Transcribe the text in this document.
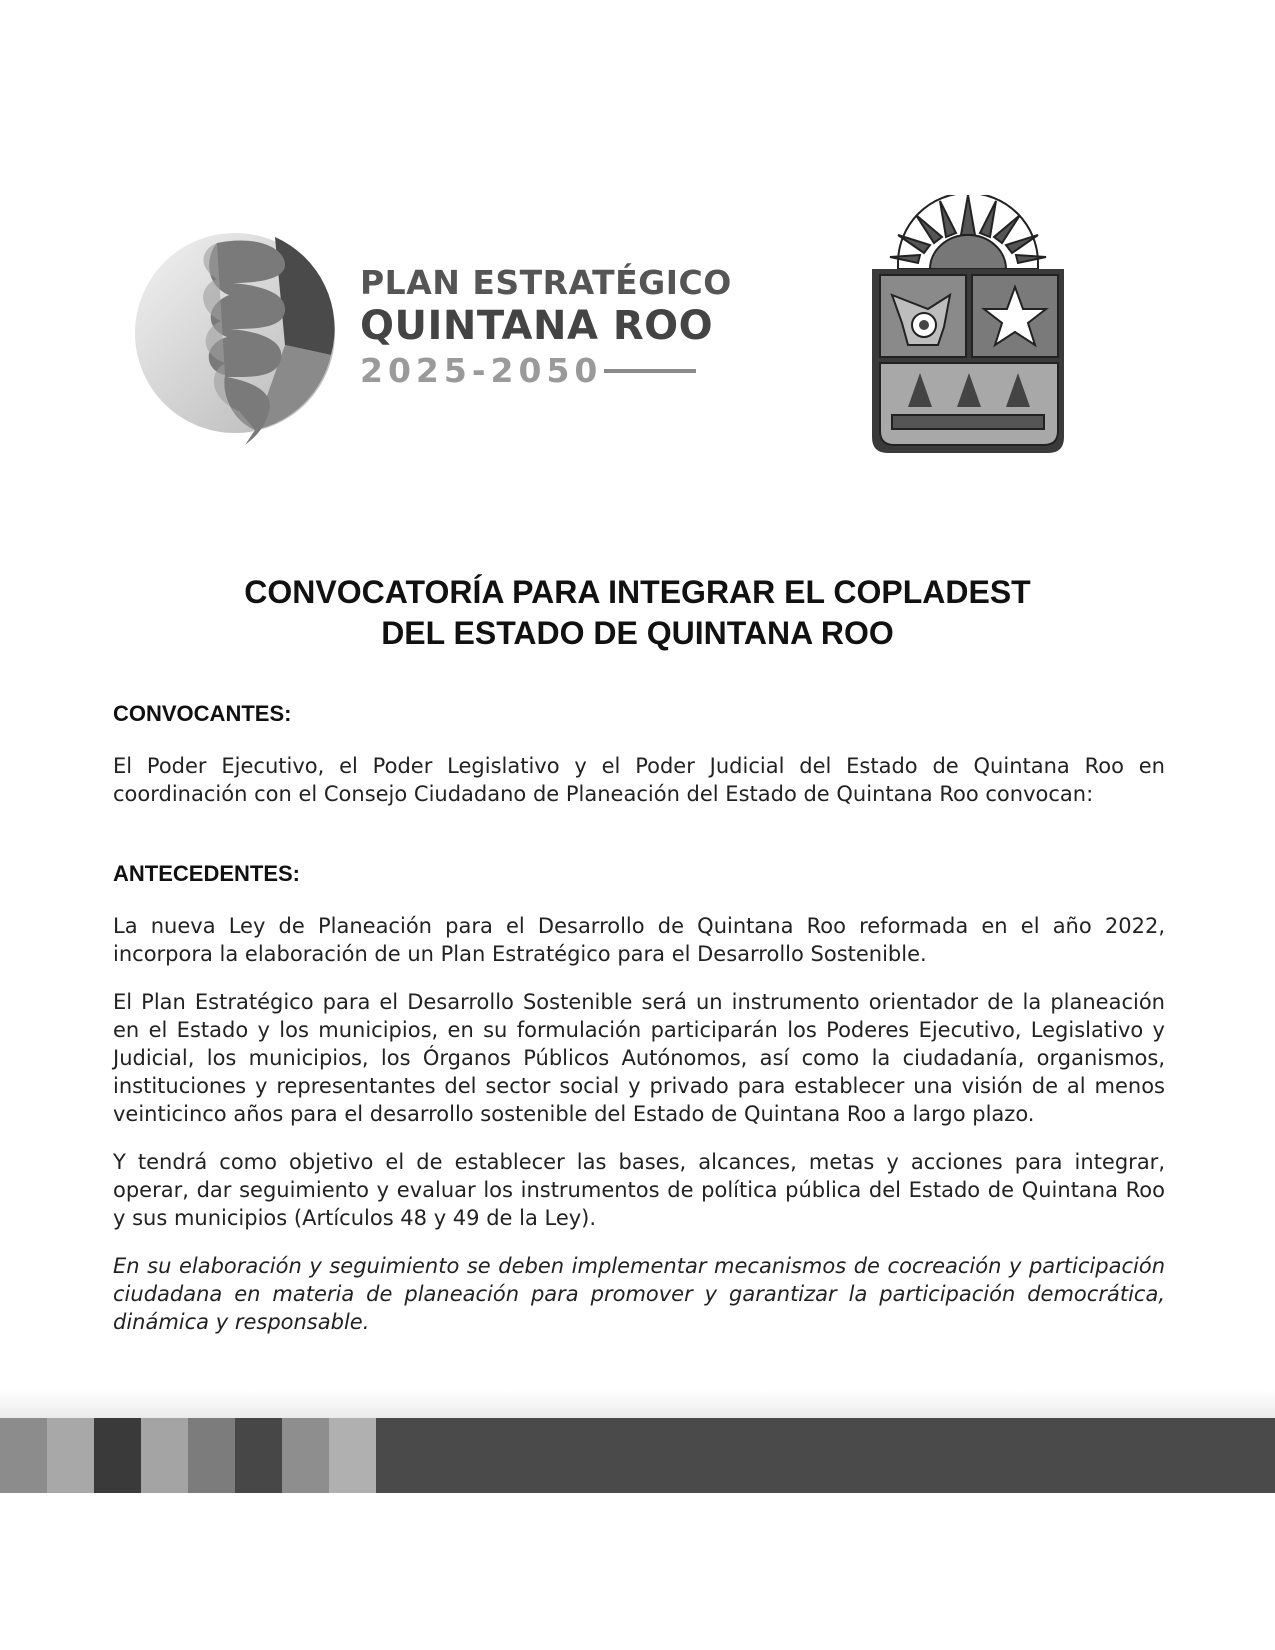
PLAN ESTRATÉGICO
QUINTANA ROO
2025-2050
CONVOCATORÍA PARA INTEGRAR EL COPLADEST
DEL ESTADO DE QUINTANA ROO

CONVOCANTES:

El Poder Ejecutivo, el Poder Legislativo y el Poder Judicial del Estado de Quintana Roo en coordinación con el Consejo Ciudadano de Planeación del Estado de Quintana Roo convocan:

ANTECEDENTES:

La nueva Ley de Planeación para el Desarrollo de Quintana Roo reformada en el año 2022, incorpora la elaboración de un Plan Estratégico para el Desarrollo Sostenible.

El Plan Estratégico para el Desarrollo Sostenible será un instrumento orientador de la planeación en el Estado y los municipios, en su formulación participarán los Poderes Ejecutivo, Legislativo y Judicial, los municipios, los Órganos Públicos Autónomos, así como la ciudadanía, organismos, instituciones y representantes del sector social y privado para establecer una visión de al menos veinticinco años para el desarrollo sostenible del Estado de Quintana Roo a largo plazo.

Y tendrá como objetivo el de establecer las bases, alcances, metas y acciones para integrar, operar, dar seguimiento y evaluar los instrumentos de política pública del Estado de Quintana Roo y sus municipios (Artículos 48 y 49 de la Ley).

En su elaboración y seguimiento se deben implementar mecanismos de cocreación y participación ciudadana en materia de planeación para promover y garantizar la participación democrática, dinámica y responsable.
